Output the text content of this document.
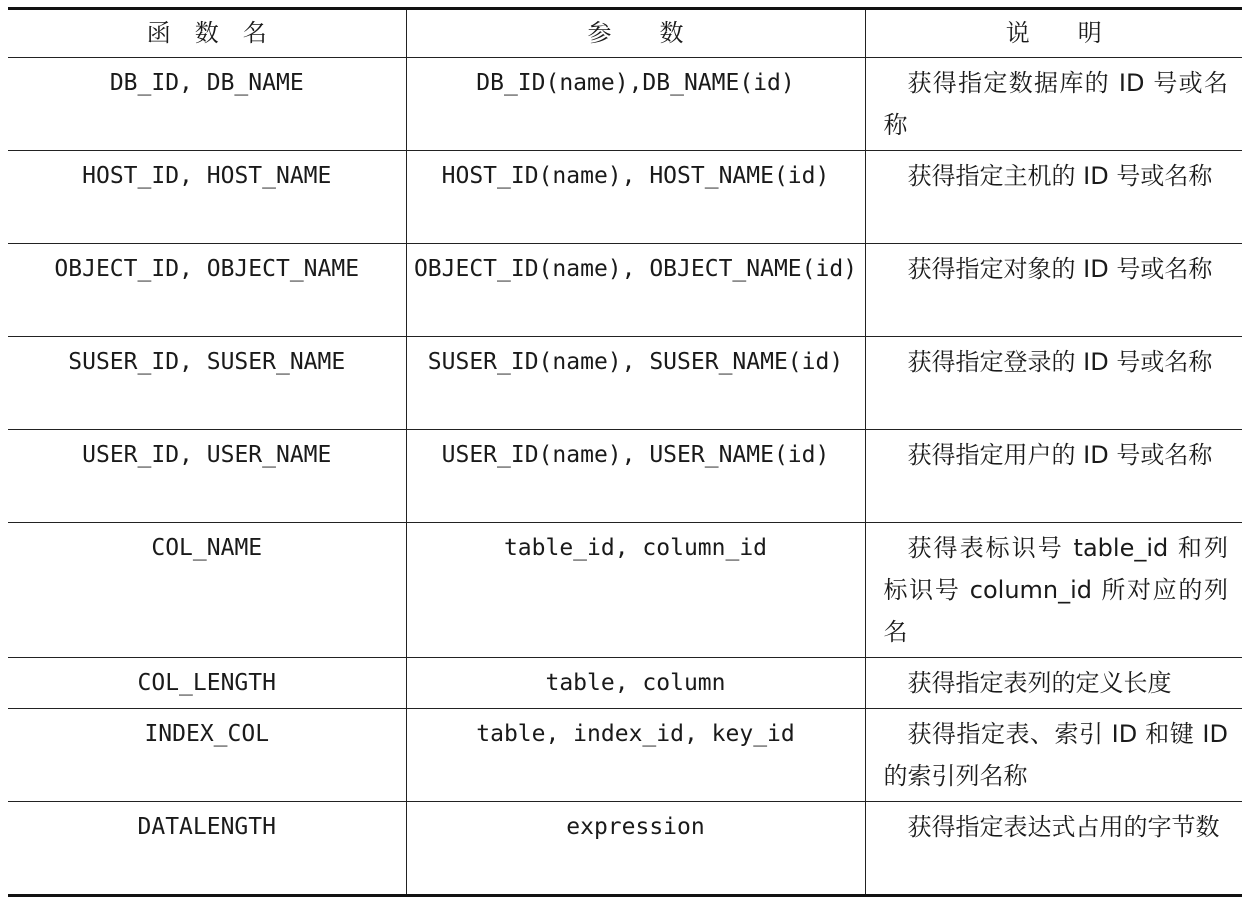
函　数　名	参　　数	说　　明
DB_ID, DB_NAME	DB_ID(name),DB_NAME(id)	获得指定数据库的 ID 号或名称
HOST_ID, HOST_NAME	HOST_ID(name), HOST_NAME(id)	获得指定主机的 ID 号或名称
OBJECT_ID, OBJECT_NAME	OBJECT_ID(name), OBJECT_NAME(id)	获得指定对象的 ID 号或名称
SUSER_ID, SUSER_NAME	SUSER_ID(name), SUSER_NAME(id)	获得指定登录的 ID 号或名称
USER_ID, USER_NAME	USER_ID(name), USER_NAME(id)	获得指定用户的 ID 号或名称
COL_NAME	table_id, column_id	获得表标识号 table_id 和列标识号 column_id 所对应的列名
COL_LENGTH	table, column	获得指定表列的定义长度
INDEX_COL	table, index_id, key_id	获得指定表、索引 ID 和键 ID 的索引列名称
DATALENGTH	expression	获得指定表达式占用的字节数
